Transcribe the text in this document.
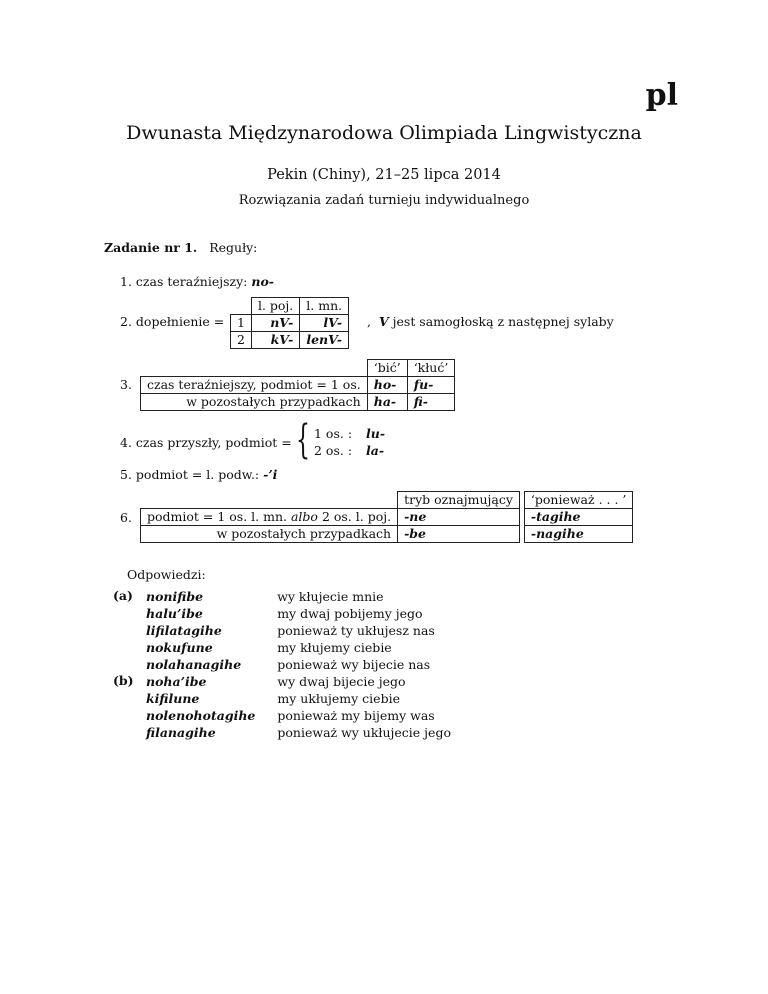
pl
Dwunasta Międzynarodowa Olimpiada Lingwistyczna
Pekin (Chiny), 21–25 lipca 2014
Rozwiązania zadań turnieju indywidualnego
Zadanie nr 1. Reguły:
1. czas teraźniejszy: no-
2. dopełnienie =
	l. poj.	l. mn.
1	nV-	lV-
2	kV-	lenV-
, V jest samogłoską z następnej sylaby
3.
	‘bić’	‘kłuć’
czas teraźniejszy, podmiot = 1 os.	ho-	fu-
w pozostałych przypadkach	ha-	fi-
4. czas przyszły, podmiot = { 1 os. :	lu-
2 os. :	la-
5. podmiot = l. podw.: -’i
6.
	tryb oznajmujący		‘ponieważ . . . ’
podmiot = 1 os. l. mn. albo 2 os. l. poj.	-ne		-tagihe
w pozostałych przypadkach	-be		-nagihe
Odpowiedzi:
(a) nonifibe	wy kłujecie mnie
halu’ibe	my dwaj pobijemy jego
lifilatagihe	ponieważ ty ukłujesz nas
nokufune	my kłujemy ciebie
nolahanagihe	ponieważ wy bijecie nas
(b) noha’ibe	wy dwaj bijecie jego
kifilune	my ukłujemy ciebie
nolenohotagihe	ponieważ my bijemy was
filanagihe	ponieważ wy ukłujecie jego
